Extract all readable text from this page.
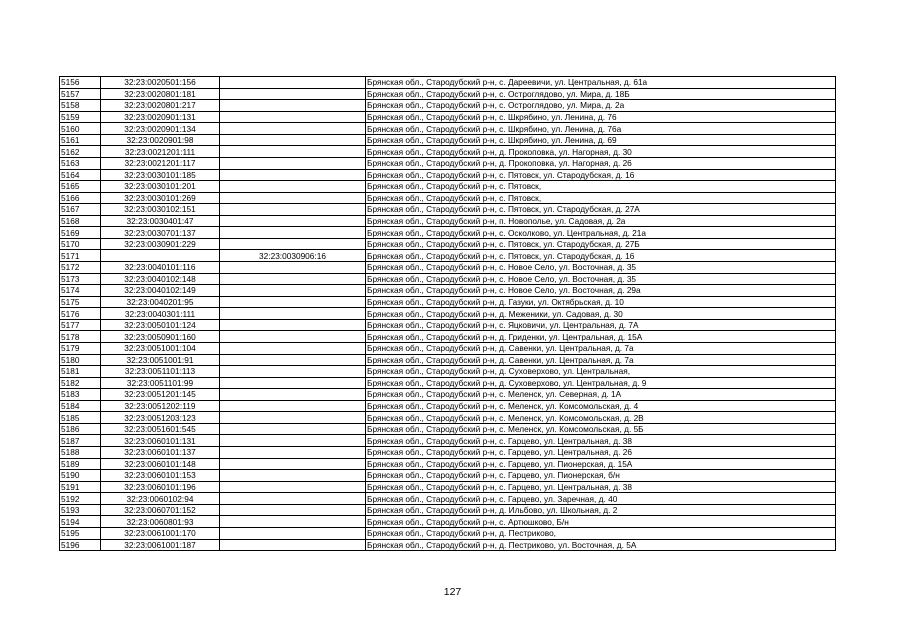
5156	32:23:0020501:156		Брянская обл., Стародубский р-н, с. Дареевичи, ул. Центральная, д. 61а
5157	32:23:0020801:181		Брянская обл., Стародубский р-н, с. Остроглядово, ул. Мира, д. 18Б
5158	32:23:0020801:217		Брянская обл., Стародубский р-н, с. Остроглядово, ул. Мира, д. 2а
5159	32:23:0020901:131		Брянская обл., Стародубский р-н, с. Шкрябино, ул. Ленина, д. 76
5160	32:23:0020901:134		Брянская обл., Стародубский р-н, с. Шкрябино, ул. Ленина, д. 76а
5161	32:23:0020901:98		Брянская обл., Стародубский р-н, с. Шкрябино, ул. Ленина, д. 69
5162	32:23:0021201:111		Брянская обл., Стародубский р-н, д. Прокоповка, ул. Нагорная, д. 30
5163	32:23:0021201:117		Брянская обл., Стародубский р-н, д. Прокоповка, ул. Нагорная, д. 26
5164	32:23:0030101:185		Брянская обл., Стародубский р-н, с. Пятовск, ул. Стародубская, д. 16
5165	32:23:0030101:201		Брянская обл., Стародубский р-н, с. Пятовск,
5166	32:23:0030101:269		Брянская обл., Стародубский р-н, с. Пятовск,
5167	32:23:0030102:151		Брянская обл., Стародубский р-н, с. Пятовск, ул. Стародубская, д. 27А
5168	32:23:0030401:47		Брянская обл., Стародубский р-н, п. Новополье, ул. Садовая, д. 2а
5169	32:23:0030701:137		Брянская обл., Стародубский р-н, с. Осколково, ул. Центральная, д. 21а
5170	32:23:0030901:229		Брянская обл., Стародубский р-н, с. Пятовск, ул. Стародубская, д. 27Б
5171		32:23:0030906:16	Брянская обл., Стародубский р-н, с. Пятовск, ул. Стародубская, д. 16
5172	32:23:0040101:116		Брянская обл., Стародубский р-н, с. Новое Село, ул. Восточная, д. 35
5173	32:23:0040102:148		Брянская обл., Стародубский р-н, с. Новое Село, ул. Восточная, д. 35
5174	32:23:0040102:149		Брянская обл., Стародубский р-н, с. Новое Село, ул. Восточная, д. 29а
5175	32:23:0040201:95		Брянская обл., Стародубский р-н, д. Газуки, ул. Октябрьская, д. 10
5176	32:23:0040301:111		Брянская обл., Стародубский р-н, д. Меженики, ул. Садовая, д. 30
5177	32:23:0050101:124		Брянская обл., Стародубский р-н, с. Яцковичи, ул. Центральная, д. 7А
5178	32:23:0050901:160		Брянская обл., Стародубский р-н, д. Гриденки, ул. Центральная, д. 15А
5179	32:23:0051001:104		Брянская обл., Стародубский р-н, д. Савенки, ул. Центральная, д. 7а
5180	32:23:0051001:91		Брянская обл., Стародубский р-н, д. Савенки, ул. Центральная, д. 7а
5181	32:23:0051101:113		Брянская обл., Стародубский р-н, д. Суховерхово, ул. Центральная,
5182	32:23:0051101:99		Брянская обл., Стародубский р-н, д. Суховерхово, ул. Центральная, д. 9
5183	32:23:0051201:145		Брянская обл., Стародубский р-н, с. Меленск, ул. Северная, д. 1А
5184	32:23:0051202:119		Брянская обл., Стародубский р-н, с. Меленск, ул. Комсомольская, д. 4
5185	32:23:0051203:123		Брянская обл., Стародубский р-н, с. Меленск, ул. Комсомольская, д. 2В
5186	32:23:0051601:545		Брянская обл., Стародубский р-н, с. Меленск, ул. Комсомольская, д. 5Б
5187	32:23:0060101:131		Брянская обл., Стародубский р-н, с. Гарцево, ул. Центральная, д. 38
5188	32:23:0060101:137		Брянская обл., Стародубский р-н, с. Гарцево, ул. Центральная, д. 26
5189	32:23:0060101:148		Брянская обл., Стародубский р-н, с. Гарцево, ул. Пионерская, д. 15А
5190	32:23:0060101:153		Брянская обл., Стародубский р-н, с. Гарцево, ул. Пионерская, б/н
5191	32:23:0060101:196		Брянская обл., Стародубский р-н, с. Гарцево, ул. Центральная, д. 38
5192	32:23:0060102:94		Брянская обл., Стародубский р-н, с. Гарцево, ул. Заречная, д. 40
5193	32:23:0060701:152		Брянская обл., Стародубский р-н, д. Ильбово, ул. Школьная, д. 2
5194	32:23:0060801:93		Брянская обл., Стародубский р-н, с. Артюшково, Б/н
5195	32:23:0061001:170		Брянская обл., Стародубский р-н, д. Пестриково,
5196	32:23:0061001:187		Брянская обл., Стародубский р-н, д. Пестриково, ул. Восточная, д. 5А
127
